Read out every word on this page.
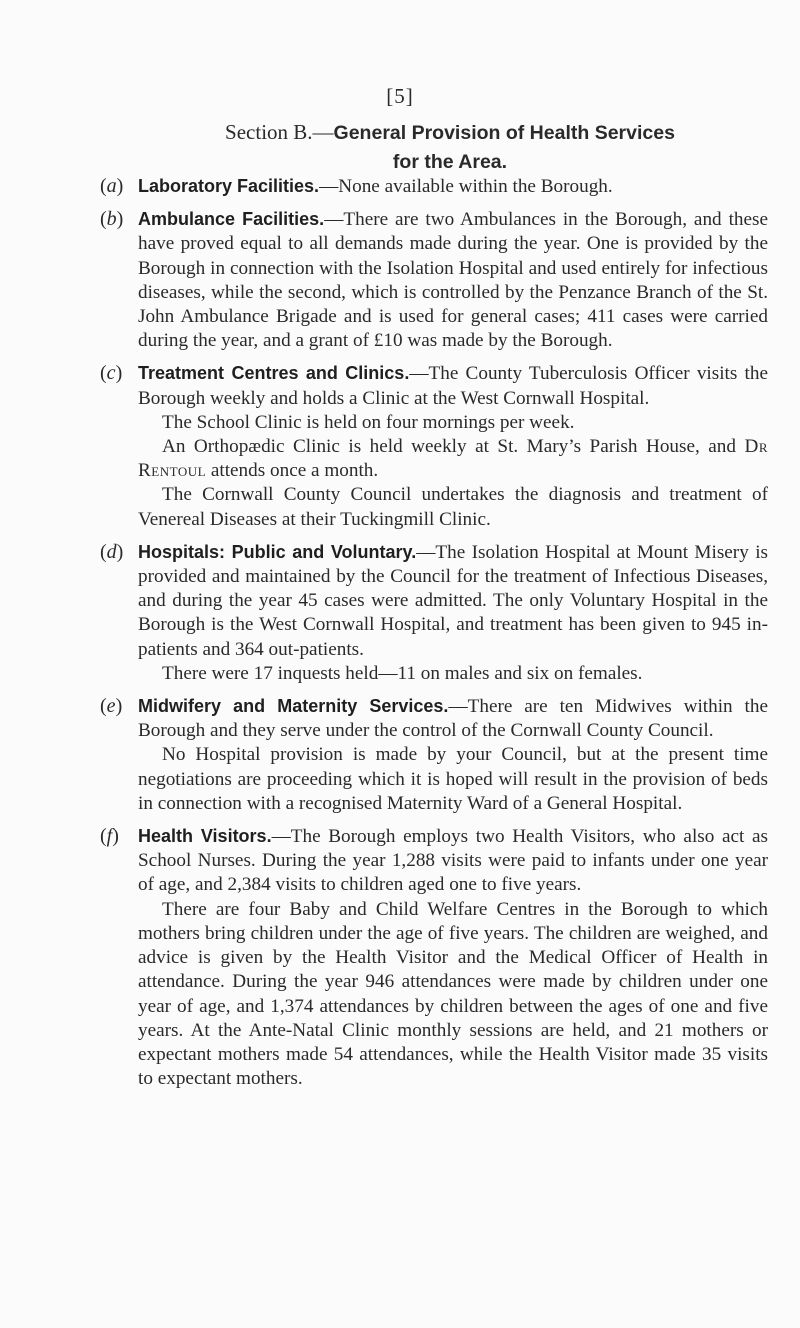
[5]
Section B.—General Provision of Health Services
for the Area.
(a) Laboratory Facilities.—None available within the Borough.

(b) Ambulance Facilities.—There are two Ambulances in the Borough, and these have proved equal to all demands made during the year. One is provided by the Borough in connection with the Isolation Hospital and used entirely for infectious diseases, while the second, which is controlled by the Penzance Branch of the St. John Ambulance Brigade and is used for general cases; 411 cases were carried during the year, and a grant of £10 was made by the Borough.

(c) Treatment Centres and Clinics.—The County Tuberculosis Officer visits the Borough weekly and holds a Clinic at the West Cornwall Hospital.

The School Clinic is held on four mornings per week.

An Orthopædic Clinic is held weekly at St. Mary’s Parish House, and Dr Rentoul attends once a month.

The Cornwall County Council undertakes the diagnosis and treatment of Venereal Diseases at their Tuckingmill Clinic.

(d) Hospitals: Public and Voluntary.—The Isolation Hospital at Mount Misery is provided and maintained by the Council for the treatment of Infectious Diseases, and during the year 45 cases were admitted. The only Voluntary Hospital in the Borough is the West Cornwall Hospital, and treatment has been given to 945 in-patients and 364 out-patients.

There were 17 inquests held—11 on males and six on females.

(e) Midwifery and Maternity Services.—There are ten Midwives within the Borough and they serve under the control of the Cornwall County Council.

No Hospital provision is made by your Council, but at the present time negotiations are proceeding which it is hoped will result in the provision of beds in connection with a recognised Maternity Ward of a General Hospital.

(f) Health Visitors.—The Borough employs two Health Visitors, who also act as School Nurses. During the year 1,288 visits were paid to infants under one year of age, and 2,384 visits to children aged one to five years.

There are four Baby and Child Welfare Centres in the Borough to which mothers bring children under the age of five years. The children are weighed, and advice is given by the Health Visitor and the Medical Officer of Health in attendance. During the year 946 attendances were made by children under one year of age, and 1,374 attendances by children between the ages of one and five years. At the Ante-Natal Clinic monthly sessions are held, and 21 mothers or expectant mothers made 54 attendances, while the Health Visitor made 35 visits to expectant mothers.
